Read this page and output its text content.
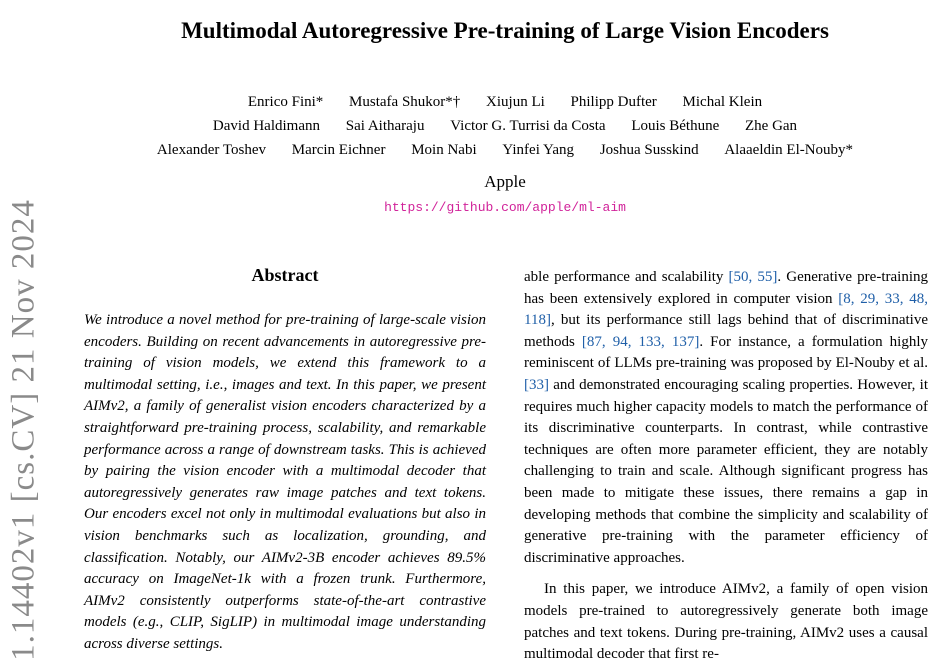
1.14402v1 [cs.CV] 21 Nov 2024
Multimodal Autoregressive Pre-training of Large Vision Encoders
Enrico Fini* Mustafa Shukor*† Xiujun Li Philipp Dufter Michal Klein
David Haldimann Sai Aitharaju Victor G. Turrisi da Costa Louis Béthune Zhe Gan
Alexander Toshev Marcin Eichner Moin Nabi Yinfei Yang Joshua Susskind Alaaeldin El-Nouby*
Apple
https://github.com/apple/ml-aim
Abstract
We introduce a novel method for pre-training of large-scale vision encoders. Building on recent advancements in autoregressive pre-training of vision models, we extend this framework to a multimodal setting, i.e., images and text. In this paper, we present AIMv2, a family of generalist vision encoders characterized by a straightforward pre-training process, scalability, and remarkable performance across a range of downstream tasks. This is achieved by pairing the vision encoder with a multimodal decoder that autoregressively generates raw image patches and text tokens. Our encoders excel not only in multimodal evaluations but also in vision benchmarks such as localization, grounding, and classification. Notably, our AIMv2-3B encoder achieves 89.5% accuracy on ImageNet-1k with a frozen trunk. Furthermore, AIMv2 consistently outperforms state-of-the-art contrastive models (e.g., CLIP, SigLIP) in multimodal image understanding across diverse settings.

able performance and scalability [50, 55]. Generative pre-training has been extensively explored in computer vision [8, 29, 33, 48, 118], but its performance still lags behind that of discriminative methods [87, 94, 133, 137]. For instance, a formulation highly reminiscent of LLMs pre-training was proposed by El-Nouby et al. [33] and demonstrated encouraging scaling properties. However, it requires much higher capacity models to match the performance of its discriminative counterparts. In contrast, while contrastive techniques are often more parameter efficient, they are notably challenging to train and scale. Although significant progress has been made to mitigate these issues, there remains a gap in developing methods that combine the simplicity and scalability of generative pre-training with the parameter efficiency of discriminative approaches.

In this paper, we introduce AIMv2, a family of open vision models pre-trained to autoregressively generate both image patches and text tokens. During pre-training, AIMv2 uses a causal multimodal decoder that first re-
